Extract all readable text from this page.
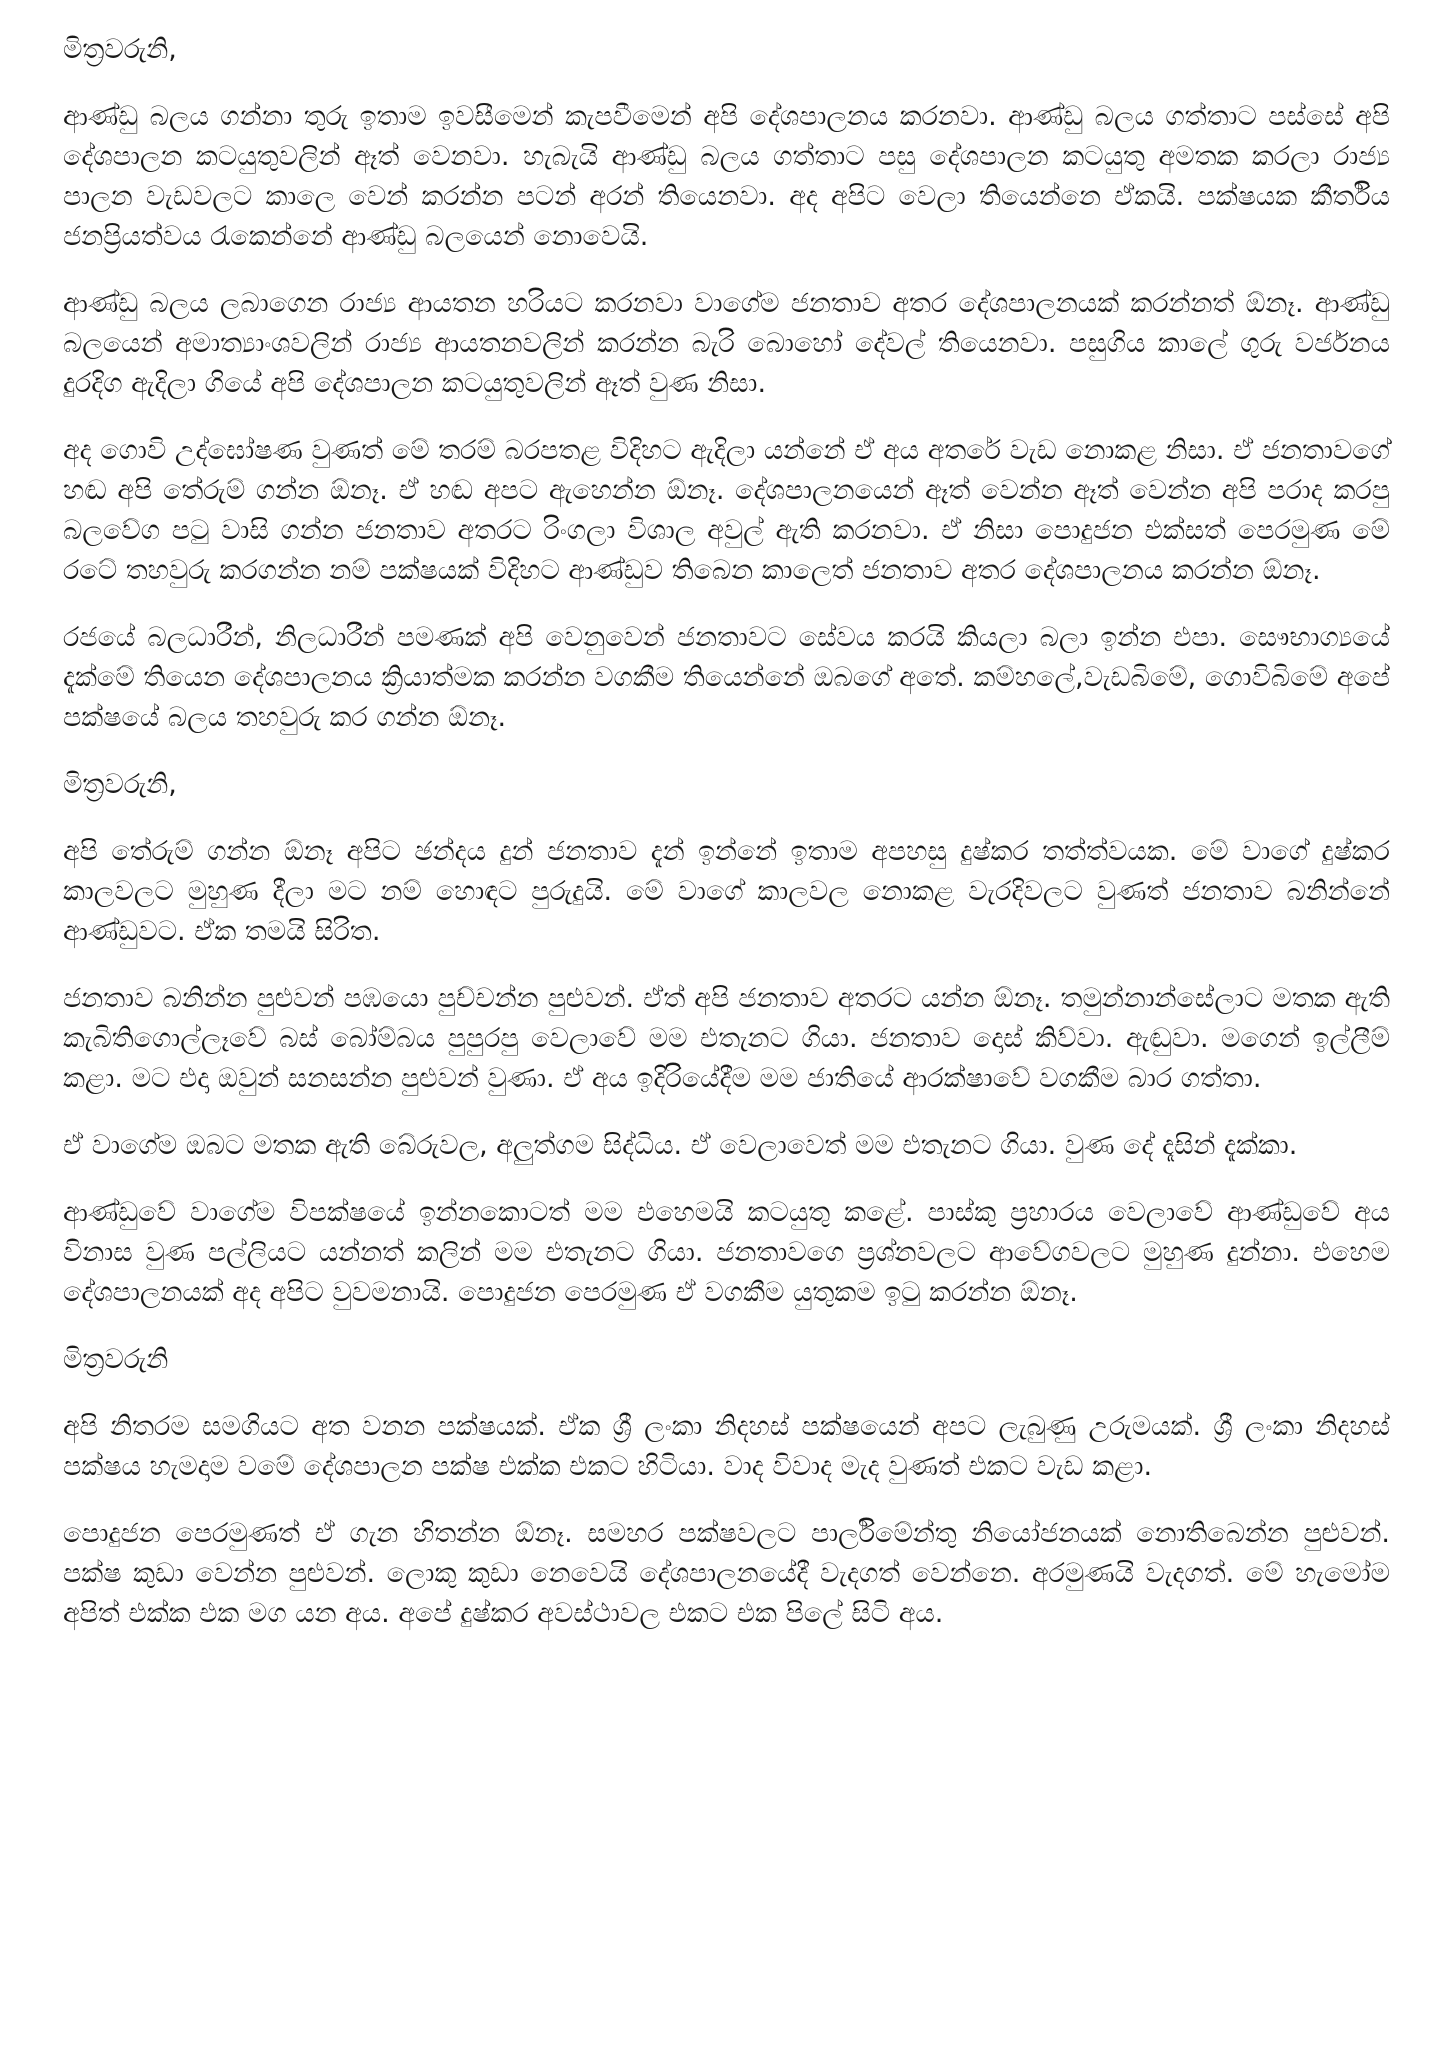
මිත්‍රවරුනි,

ආණ්ඩු බලය ගන්නා තුරු ඉතාම ඉවසීමෙන් කැපවීමෙන් අපි දේශපාලනය කරනවා. ආණ්ඩු බලය ගත්තාට පස්සේ අපි දේශපාලන කටයුතුවලින් ඈත් වෙනවා. හැබැයි ආණ්ඩු බලය ගත්තාට පසු දේශපාලන කටයුතු අමතක කරලා රාජ්‍ය පාලන වැඩවලට කාලෙ වෙන් කරන්න පටන් අරන් තියෙනවා. අද අපිට වෙලා තියෙන්නෙ ඒකයි. පක්ෂයක කීර්තිය ජනප්‍රියත්වය රැකෙන්නේ ආණ්ඩු බලයෙන් නොවෙයි.

ආණ්ඩු බලය ලබාගෙන රාජ්‍ය ආයතන හරියට කරනවා වාගේම ජනතාව අතර දේශපාලනයක් කරන්නත් ඕනෑ. ආණ්ඩු බලයෙන් අමාත්‍යාංශවලින් රාජ්‍ය ආයතනවලින් කරන්න බැරි බොහෝ දේවල් තියෙනවා. පසුගිය කාලේ ගුරු වර්ජනය දුරදිග ඇදිලා ගියේ අපි දේශපාලන කටයුතුවලින් ඈත් වුණ නිසා.

අද ගොවි උද්ඝෝෂණ වුණත් මේ තරම් බරපතළ විදිහට ඇදිලා යන්නේ ඒ අය අතරේ වැඩ නොකළ නිසා. ඒ ජනතාවගේ හඬ අපි තේරුම් ගන්න ඕනෑ. ඒ හඬ අපට ඇහෙන්න ඕනෑ. දේශපාලනයෙන් ඈත් වෙන්න ඈත් වෙන්න අපි පරාද කරපු බලවේග පටු වාසි ගන්න ජනතාව අතරට රිංගලා විශාල අවුල් ඇති කරනවා. ඒ නිසා පොදුජන එක්සත් පෙරමුණ මේ රටේ තහවුරු කරගන්න නම් පක්ෂයක් විදිහට ආණ්ඩුව තිබෙන කාලෙත් ජනතාව අතර දේශපාලනය කරන්න ඕනෑ.

රජයේ බලධාරීන්, නිලධාරීන් පමණක් අපි වෙනුවෙන් ජනතාවට සේවය කරයි කියලා බලා ඉන්න එපා. සෞභාග්‍යයේ දැක්මේ තියෙන දේශපාලනය ක්‍රියාත්මක කරන්න වගකීම තියෙන්නේ ඔබගේ අතේ. කම්හලේ,වැඩබිමේ, ගොවිබිමේ අපේ පක්ෂයේ බලය තහවුරු කර ගන්න ඕනෑ.

මිත්‍රවරුනි,

අපි තේරුම් ගන්න ඕනෑ අපිට ඡන්දය දුන් ජනතාව දැන් ඉන්නේ ඉතාම අපහසු දුෂ්කර තත්ත්වයක. මේ වාගේ දුෂ්කර කාලවලට මුහුණ දීලා මට නම් හොඳට පුරුදුයි. මේ වාගේ කාලවල නොකළ වැරදිවලට වුණත් ජනතාව බනින්නේ ආණ්ඩුවට. ඒක තමයි සිරිත.

ජනතාව බනින්න පුළුවන් පඹයො පුච්චන්න පුළුවන්. ඒත් අපි ජනතාව අතරට යන්න ඕනෑ. තමුන්නාන්සේලාට මතක ඇති කැබිතිගොල්ලෑවේ බස් බෝම්බය පුපුරපු වෙලාවේ මම එතැනට ගියා. ජනතාව දොස් කිව්වා. ඇඬුවා. මගෙන් ඉල්ලීම් කළා. මට එදා ඔවුන් සනසන්න පුළුවන් වුණා. ඒ අය ඉදිරියේදීම මම ජාතියේ ආරක්ෂාවේ වගකීම බාර ගත්තා.

ඒ වාගේම ඔබට මතක ඇති බේරුවල, අලුත්ගම සිද්ධිය. ඒ වෙලාවෙත් මම එතැනට ගියා. වුණ දේ දෑසින් දැක්කා.

ආණ්ඩුවේ වාගේම විපක්ෂයේ ඉන්නකොටත් මම එහෙමයි කටයුතු කළේ. පාස්කු ප්‍රහාරය වෙලාවේ ආණ්ඩුවේ අය විනාස වුණ පල්ලියට යන්නත් කලින් මම එතැනට ගියා. ජනතාවගෙ ප්‍රශ්නවලට ආවේගවලට මුහුණ දුන්නා. එහෙම දේශපාලනයක් අද අපිට වුවමනායි. පොදුජන පෙරමුණ ඒ වගකීම යුතුකම ඉටු කරන්න ඕනෑ.

මිත්‍රවරුනි

අපි නිතරම සමගියට අත වනන පක්ෂයක්. ඒක ශ්‍රී ලංකා නිදහස් පක්ෂයෙන් අපට ලැබුණු උරුමයක්. ශ්‍රී ලංකා නිදහස් පක්ෂය හැමදාම වමේ දේශපාලන පක්ෂ එක්ක එකට හිටියා. වාද විවාද මැද වුණත් එකට වැඩ කළා.

පොදුජන පෙරමුණත් ඒ ගැන හිතන්න ඕනෑ. සමහර පක්ෂවලට පාර්ලිමේන්තු නියෝජනයක් නොතිබෙන්න පුළුවන්. පක්ෂ කුඩා වෙන්න පුළුවන්. ලොකු කුඩා නෙවෙයි දේශපාලනයේදී වැදගත් වෙන්නෙ. අරමුණයි වැදගත්. මේ හැමෝම අපිත් එක්ක එක මග යන අය. අපේ දුෂ්කර අවස්ථාවල එකට එක පිලේ සිටි අය.
